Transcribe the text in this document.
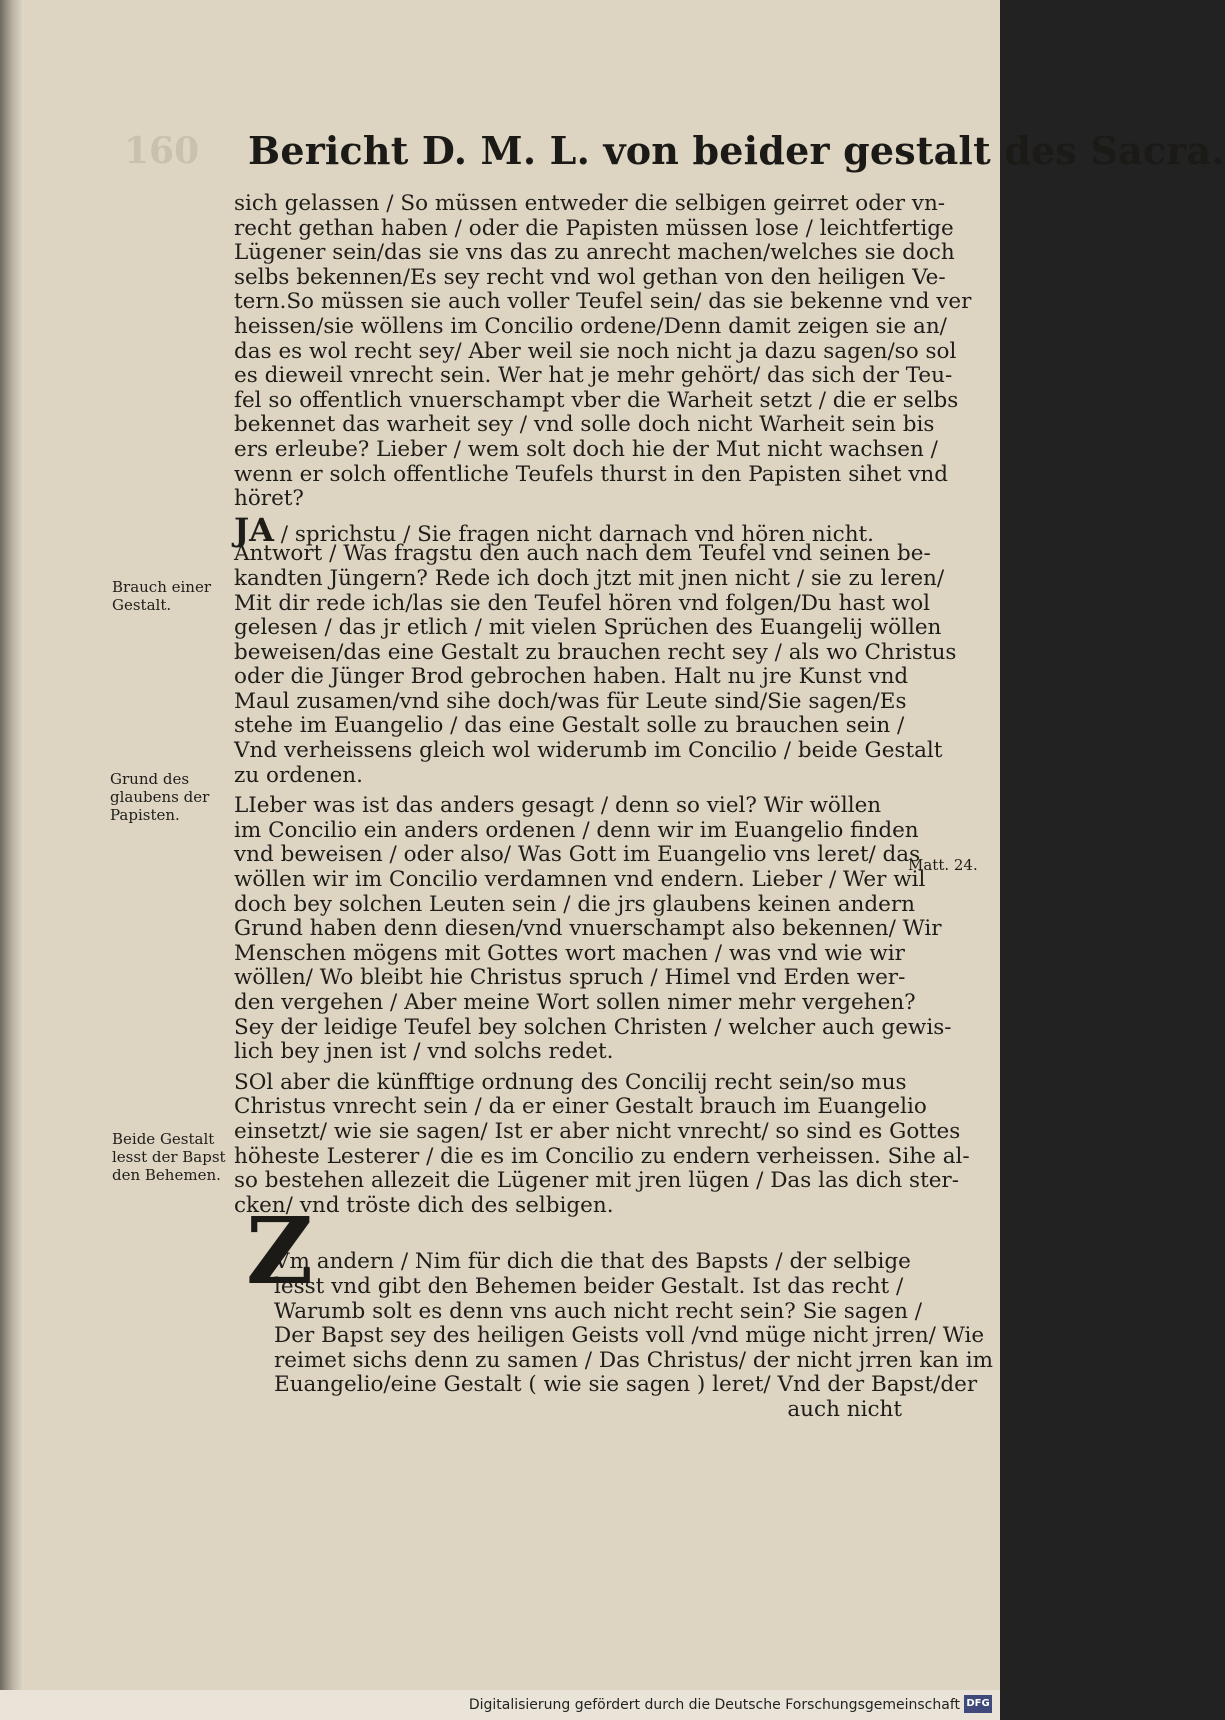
160 Bericht D. M. L. von beider gestalt des Sacra.
sich gelassen / So müssen entweder die selbigen geirret oder vn-
recht gethan haben / oder die Papisten müssen lose / leichtfertige
Lügener sein/das sie vns das zu anrecht machen/welches sie doch
selbs bekennen/Es sey recht vnd wol gethan von den heiligen Ve-
tern.So müssen sie auch voller Teufel sein/ das sie bekenne vnd ver
heissen/sie wöllens im Concilio ordene/Denn damit zeigen sie an/
das es wol recht sey/ Aber weil sie noch nicht ja dazu sagen/so sol
es dieweil vnrecht sein. Wer hat je mehr gehört/ das sich der Teu-
fel so offentlich vnuerschampt vber die Warheit setzt / die er selbs
bekennet das warheit sey / vnd solle doch nicht Warheit sein bis
ers erleube? Lieber / wem solt doch hie der Mut nicht wachsen /
wenn er solch offentliche Teufels thurst in den Papisten sihet vnd
höret?
JA / sprichstu / Sie fragen nicht darnach vnd hören nicht.
Antwort / Was fragstu den auch nach dem Teufel vnd seinen be-
kandten Jüngern? Rede ich doch jtzt mit jnen nicht / sie zu leren/
Mit dir rede ich/las sie den Teufel hören vnd folgen/Du hast wol
gelesen / das jr etlich / mit vielen Sprüchen des Euangelij wöllen
beweisen/das eine Gestalt zu brauchen recht sey / als wo Christus
oder die Jünger Brod gebrochen haben. Halt nu jre Kunst vnd
Maul zusamen/vnd sihe doch/was für Leute sind/Sie sagen/Es
stehe im Euangelio / das eine Gestalt solle zu brauchen sein /
Vnd verheissens gleich wol widerumb im Concilio / beide Gestalt
zu ordenen.
LIeber was ist das anders gesagt / denn so viel? Wir wöllen
im Concilio ein anders ordenen / denn wir im Euangelio finden
vnd beweisen / oder also/ Was Gott im Euangelio vns leret/ das
wöllen wir im Concilio verdamnen vnd endern. Lieber / Wer wil
doch bey solchen Leuten sein / die jrs glaubens keinen andern
Grund haben denn diesen/vnd vnuerschampt also bekennen/ Wir
Menschen mögens mit Gottes wort machen / was vnd wie wir
wöllen/ Wo bleibt hie Christus spruch / Himel vnd Erden wer-
den vergehen / Aber meine Wort sollen nimer mehr vergehen?
Sey der leidige Teufel bey solchen Christen / welcher auch gewis-
lich bey jnen ist / vnd solchs redet.
SOl aber die künfftige ordnung des Concilij recht sein/so mus
Christus vnrecht sein / da er einer Gestalt brauch im Euangelio
einsetzt/ wie sie sagen/ Ist er aber nicht vnrecht/ so sind es Gottes
höheste Lesterer / die es im Concilio zu endern verheissen. Sihe al-
so bestehen allezeit die Lügener mit jren lügen / Das las dich ster-
cken/ vnd tröste dich des selbigen.
Vm andern / Nim für dich die that des Bapsts / der selbige
lesst vnd gibt den Behemen beider Gestalt. Ist das recht /
Warumb solt es denn vns auch nicht recht sein? Sie sagen /
Der Bapst sey des heiligen Geists voll /vnd müge nicht jrren/ Wie
reimet sichs denn zu samen / Das Christus/ der nicht jrren kan im
Euangelio/eine Gestalt ( wie sie sagen ) leret/ Vnd der Bapst/der
auch nicht
Z
Brauch einer
Gestalt.
Grund des
glaubens der
Papisten.
Matt. 24.
Beide Gestalt
lesst der Bapst
den Behemen.
Digitalisierung gefördert durch die Deutsche Forschungsgemeinschaft DFG
